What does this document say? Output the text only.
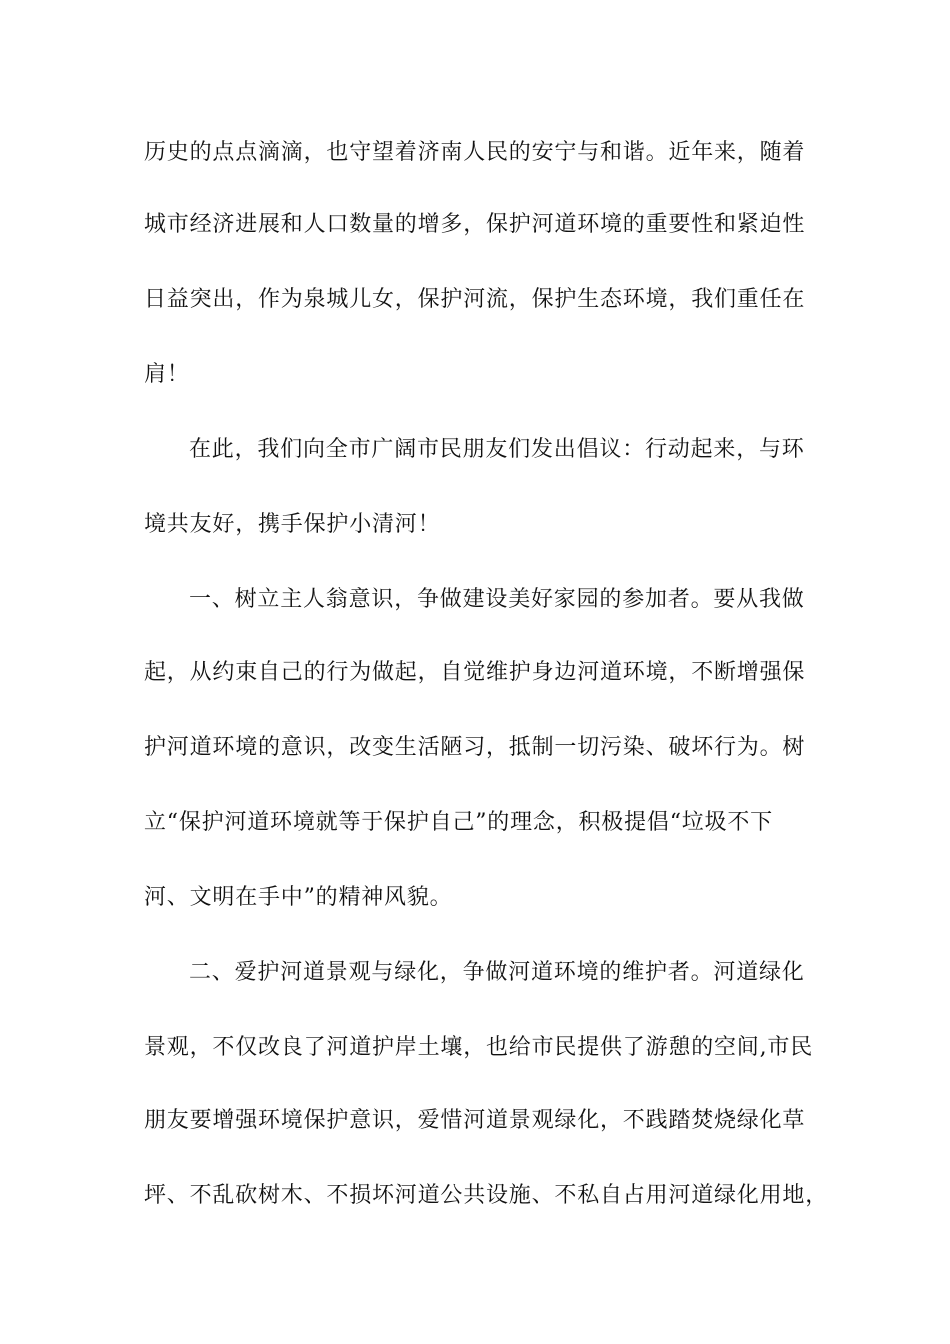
历史的点点滴滴，也守望着济南人民的安宁与和谐。近年来，随着
城市经济进展和人口数量的增多，保护河道环境的重要性和紧迫性
日益突出，作为泉城儿女，保护河流，保护生态环境，我们重任在
肩！
在此，我们向全市广阔市民朋友们发出倡议：行动起来，与环
境共友好，携手保护小清河！
一、树立主人翁意识，争做建设美好家园的参加者。要从我做
起，从约束自己的行为做起，自觉维护身边河道环境，不断增强保
护河道环境的意识，改变生活陋习，抵制一切污染、破坏行为。树
立“保护河道环境就等于保护自己”的理念，积极提倡“垃圾不下
河、文明在手中”的精神风貌。
二、爱护河道景观与绿化，争做河道环境的维护者。河道绿化
景观，不仅改良了河道护岸土壤，也给市民提供了游憩的空间,市民
朋友要增强环境保护意识，爱惜河道景观绿化，不践踏焚烧绿化草
坪、不乱砍树木、不损坏河道公共设施、不私自占用河道绿化用地，
